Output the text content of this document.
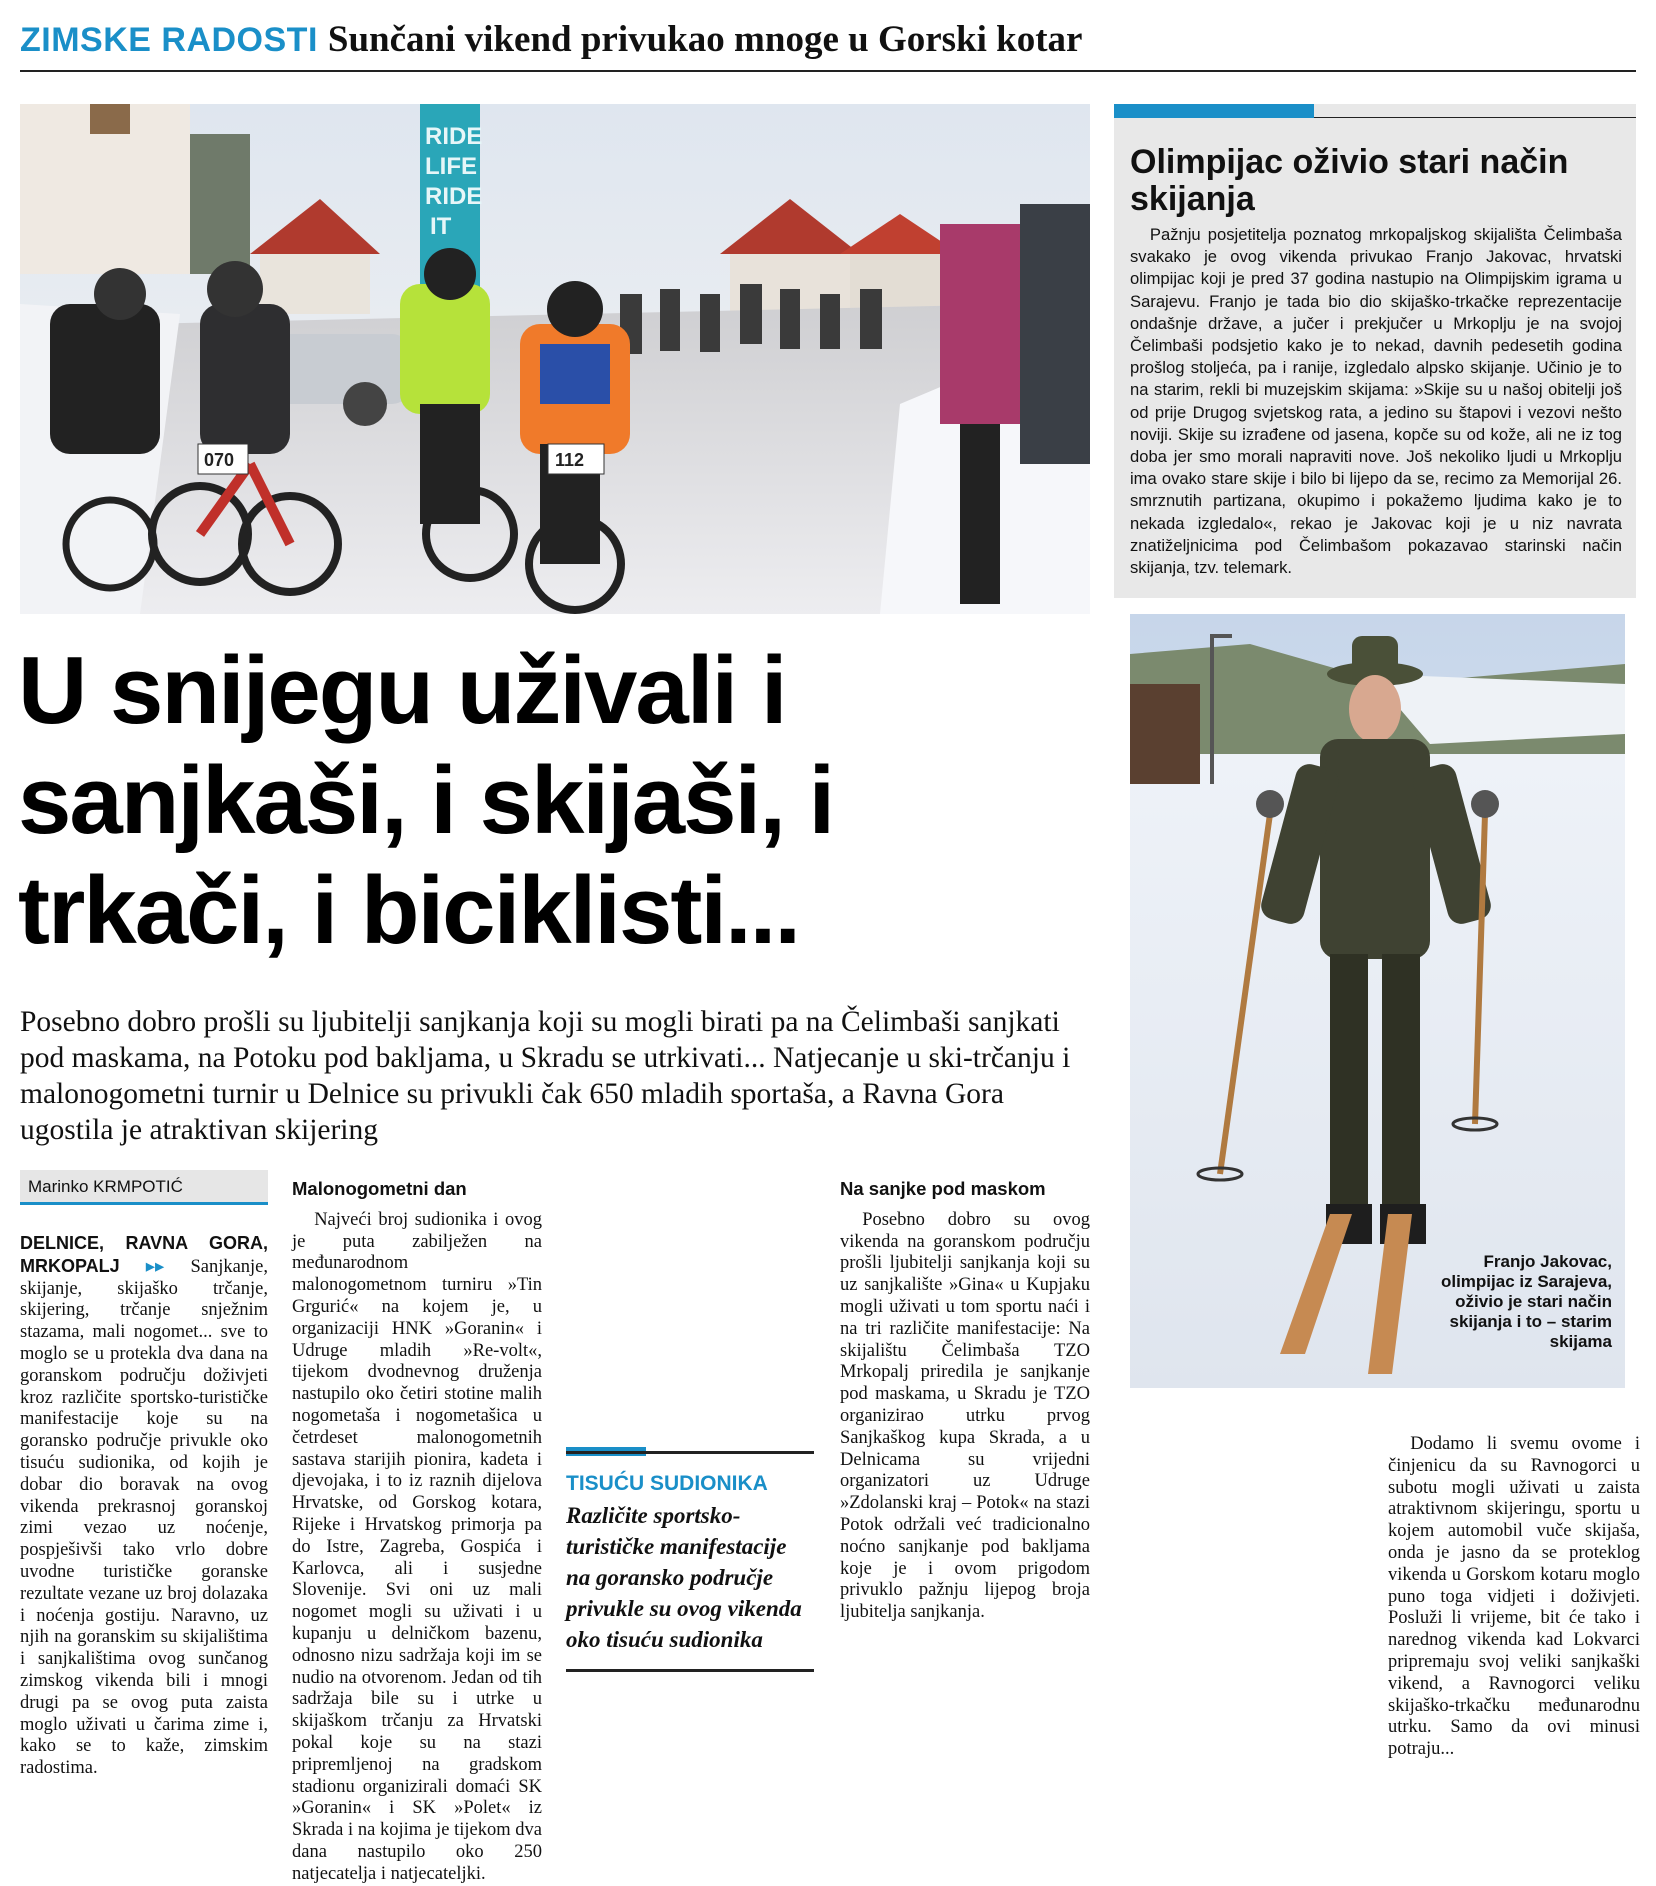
ZIMSKE RADOSTI Sunčani vikend privukao mnoge u Gorski kotar
RIDE
LIFE
RIDE
IT
070	112
U snijegu uživali i sanjkaši, i skijaši, i trkači, i biciklisti...
Posebno dobro prošli su ljubitelji sanjkanja koji su mogli birati pa na Čelimbaši sanjkati pod maskama, na Potoku pod bakljama, u Skradu se utrkivati... Natjecanje u ski-trčanju i malonogometni turnir u Delnice su privukli čak 650 mladih sportaša, a Ravna Gora ugostila je atraktivan skijering
Marinko KRMPOTIĆ

DELNICE, RAVNA GORA, MRKOPALJ ▸▸ Sanjkanje, skijanje, skijaško trčanje, skijering, trčanje snježnim stazama, mali nogomet... sve to moglo se u protekla dva dana na goranskom području doživjeti kroz različite sportsko-turističke manifestacije koje su na goransko područje privukle oko tisuću sudionika, od kojih je dobar dio boravak na ovog vikenda prekrasnoj goranskoj zimi vezao uz noćenje, pospješivši tako vrlo dobre uvodne turističke goranske rezultate vezane uz broj dolazaka i noćenja gostiju. Naravno, uz njih na goranskim su skijalištima i sanjkalištima ovog sunčanog zimskog vikenda bili i mnogi drugi pa se ovog puta zaista moglo uživati u čarima zime i, kako se to kaže, zimskim radostima.

Malonogometni dan

Najveći broj sudionika i ovog je puta zabilježen na međunarodnom malonogometnom turniru »Tin Grgurić« na kojem je, u organizaciji HNK »Goranin« i Udruge mladih »Re-volt«, tijekom dvodnevnog druženja nastupilo oko četiri stotine malih nogometaša i nogometašica u četrdeset malonogometnih sastava starijih pionira, kadeta i djevojaka, i to iz raznih dijelova Hrvatske, od Gorskog kotara, Rijeke i Hrvatskog primorja pa do Istre, Zagreba, Gospića i Karlovca, ali i susjedne Slovenije. Svi oni uz mali nogomet mogli su uživati i u kupanju u delničkom bazenu, odnosno nizu sadržaja koji im se nudio na otvorenom. Jedan od tih sadržaja bile su i utrke u skijaškom trčanju za Hrvatski pokal koje su na stazi pripremljenoj na gradskom stadionu organizirali domaći SK »Goranin« i SK »Polet« iz Skrada i na kojima je tijekom dva dana nastupilo oko 250 natjecatelja i natjecateljki.

Na sanjke pod maskom

Posebno dobro su ovog vikenda na goranskom području prošli ljubitelji sanjkanja koji su uz sanjkalište »Gina« u Kupjaku mogli uživati u tom sportu naći i na tri različite manifestacije: Na skijalištu Čelimbaša TZO Mrkopalj priredila je sanjkanje pod maskama, u Skradu je TZO organizirao utrku prvog Sanjkaškog kupa Skrada, a u Delnicama su vrijedni organizatori uz Udruge »Zdolanski kraj – Potok« na stazi Potok održali već tradicionalno noćno sanjkanje pod bakljama koje je i ovom prigodom privuklo pažnju lijepog broja ljubitelja sanjkanja.

Dodamo li svemu ovome i činjenicu da su Ravnogorci u subotu mogli uživati u zaista atraktivnom skijeringu, sportu u kojem automobil vuče skijaša, onda je jasno da se proteklog vikenda u Gorskom kotaru moglo puno toga vidjeti i doživjeti. Posluži li vrijeme, bit će tako i narednog vikenda kad Lokvarci pripremaju svoj veliki sanjkaški vikend, a Ravnogorci veliku skijaško-trkačku međunarodnu utrku. Samo da ovi minusi potraju...

TISUĆU SUDIONIKA
Različite sportsko-turističke manifestacije na goransko područje privukle su ovog vikenda oko tisuću sudionika
Olimpijac oživio stari način skijanja

Pažnju posjetitelja poznatog mrkopaljskog skijališta Čelimbaša svakako je ovog vikenda privukao Franjo Jakovac, hrvatski olimpijac koji je pred 37 godina nastupio na Olimpijskim igrama u Sarajevu. Franjo je tada bio dio skijaško-trkačke reprezentacije ondašnje države, a jučer i prekjučer u Mrkoplju je na svojoj Čelimbaši podsjetio kako je to nekad, davnih pedesetih godina prošlog stoljeća, pa i ranije, izgledalo alpsko skijanje. Učinio je to na starim, rekli bi muzejskim skijama: »Skije su u našoj obitelji još od prije Drugog svjetskog rata, a jedino su štapovi i vezovi nešto noviji. Skije su izrađene od jasena, kopče su od kože, ali ne iz tog doba jer smo morali napraviti nove. Još nekoliko ljudi u Mrkoplju ima ovako stare skije i bilo bi lijepo da se, recimo za Memorijal 26. smrznutih partizana, okupimo i pokažemo ljudima kako je to nekada izgledalo«, rekao je Jakovac koji je u niz navrata znatiželjnicima pod Čelimbašom pokazavao starinski način skijanja, tzv. telemark.

Franjo Jakovac, olimpijac iz Sarajeva, oživio je stari način skijanja i to – starim skijama
